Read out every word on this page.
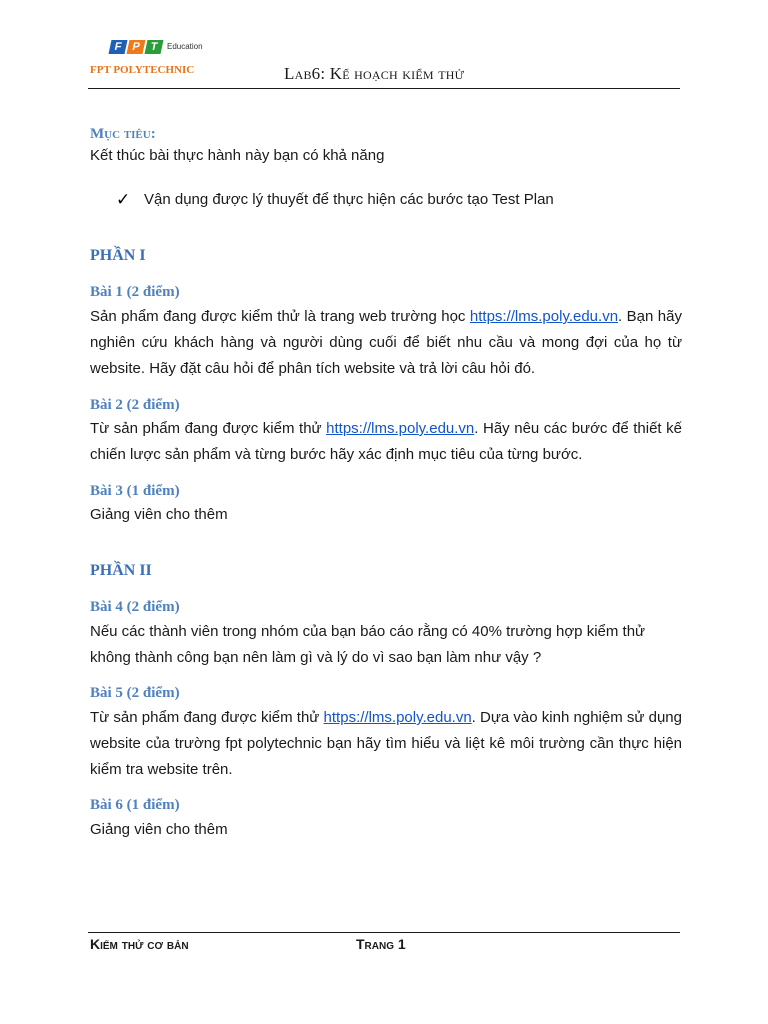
F P T	Education
FPT POLYTECHNIC	Lab6: Kế hoạch kiểm thử
Mục tiêu:
Kết thúc bài thực hành này bạn có khả năng
✓ Vận dụng được lý thuyết để thực hiện các bước tạo Test Plan
PHẦN I
Bài 1 (2 điểm)
Sản phẩm đang được kiểm thử là trang web trường học https://lms.poly.edu.vn. Bạn hãy nghiên cứu khách hàng và người dùng cuối để biết nhu cầu và mong đợi của họ từ website. Hãy đặt câu hỏi để phân tích website và trả lời câu hỏi đó.
Bài 2 (2 điểm)
Từ sản phẩm đang được kiểm thử https://lms.poly.edu.vn. Hãy nêu các bước để thiết kế chiến lược sản phẩm và từng bước hãy xác định mục tiêu của từng bước.
Bài 3 (1 điểm)
Giảng viên cho thêm
PHẦN II
Bài 4 (2 điểm)
Nếu các thành viên trong nhóm của bạn báo cáo rằng có 40% trường hợp kiểm thử không thành công bạn nên làm gì và lý do vì sao bạn làm như vậy ?
Bài 5 (2 điểm)
Từ sản phẩm đang được kiểm thử https://lms.poly.edu.vn. Dựa vào kinh nghiệm sử dụng website của trường fpt polytechnic bạn hãy tìm hiểu và liệt kê môi trường cần thực hiện kiểm tra website trên.
Bài 6 (1 điểm)
Giảng viên cho thêm
Kiểm thử cơ bản	Trang 1
